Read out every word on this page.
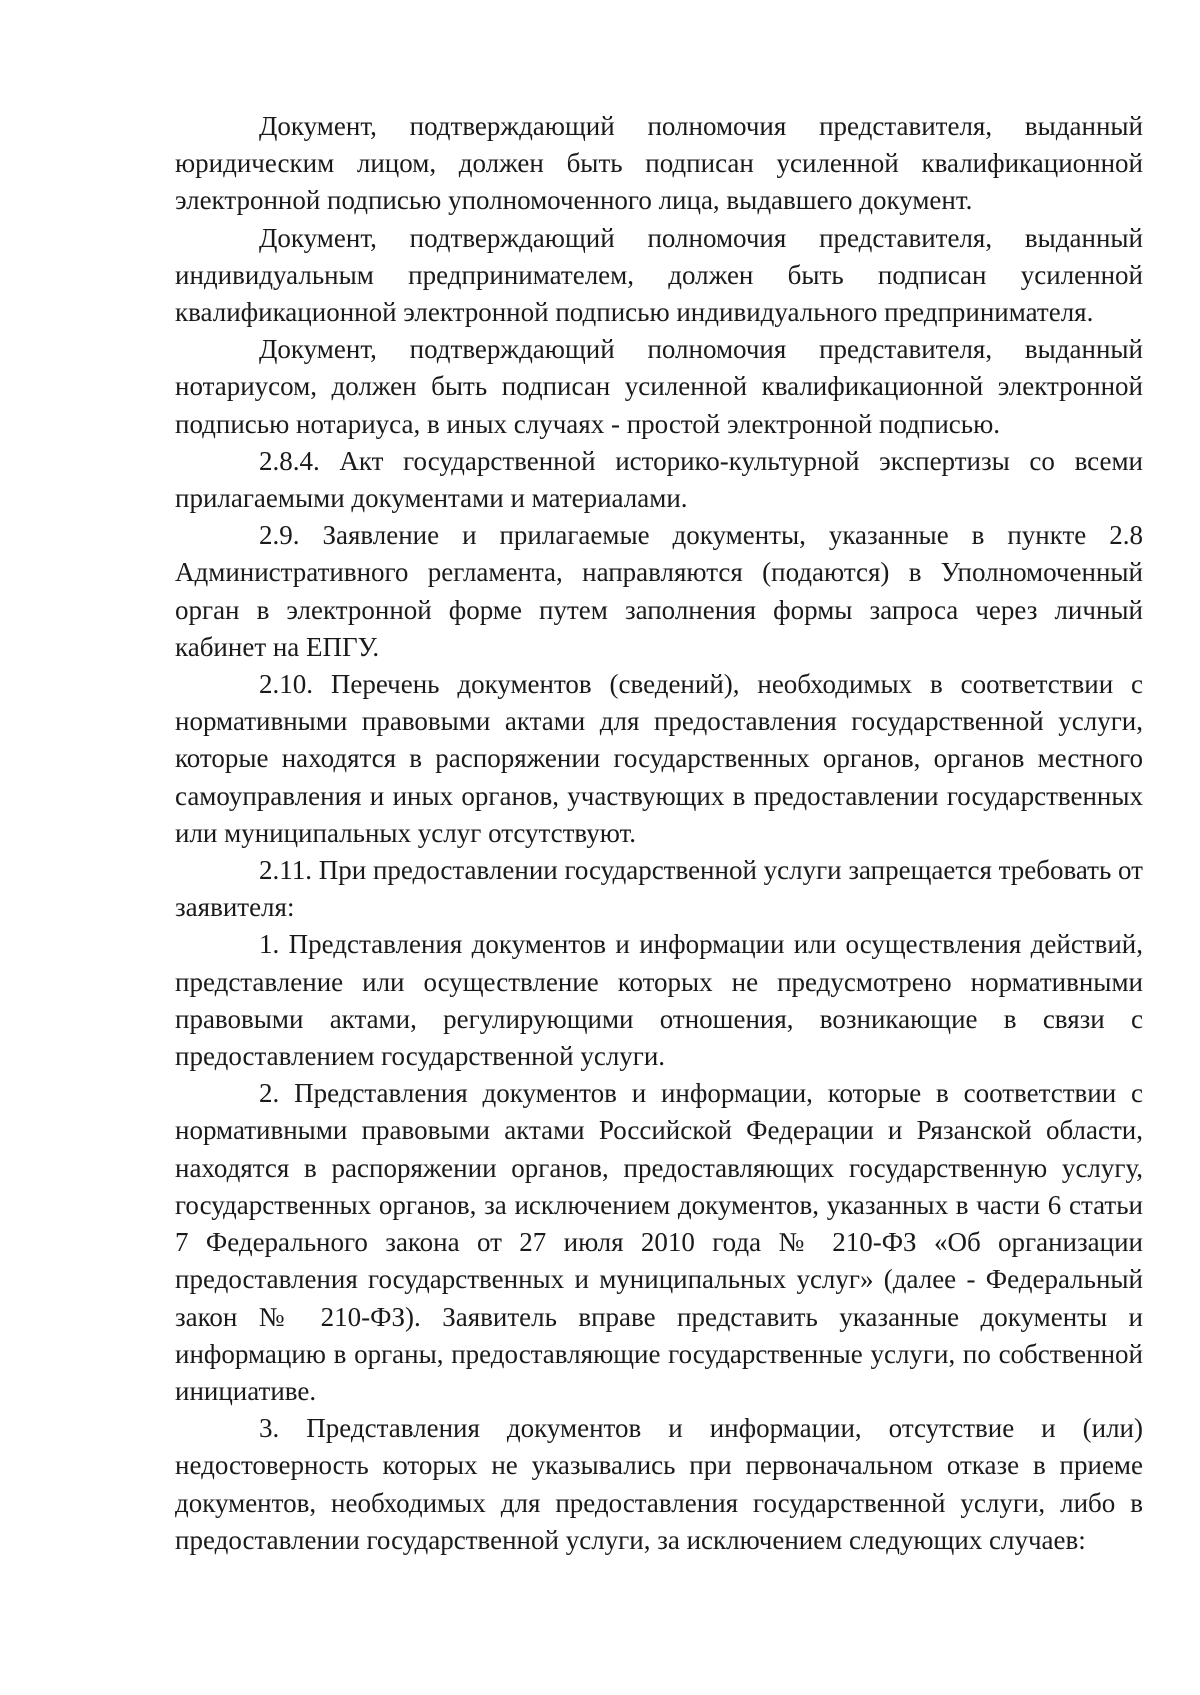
Документ, подтверждающий полномочия представителя, выданный юридическим лицом, должен быть подписан усиленной квалификационной электронной подписью уполномоченного лица, выдавшего документ.

Документ, подтверждающий полномочия представителя, выданный индивидуальным предпринимателем, должен быть подписан усиленной квалификационной электронной подписью индивидуального предпринимателя.

Документ, подтверждающий полномочия представителя, выданный нотариусом, должен быть подписан усиленной квалификационной электронной подписью нотариуса, в иных случаях - простой электронной подписью.

2.8.4. Акт государственной историко-культурной экспертизы со всеми прилагаемыми документами и материалами.

2.9. Заявление и прилагаемые документы, указанные в пункте 2.8 Административного регламента, направляются (подаются) в Уполномоченный орган в электронной форме путем заполнения формы запроса через личный кабинет на ЕПГУ.

2.10. Перечень документов (сведений), необходимых в соответствии с нормативными правовыми актами для предоставления государственной услуги, которые находятся в распоряжении государственных органов, органов местного самоуправления и иных органов, участвующих в предоставлении государственных или муниципальных услуг отсутствуют.

2.11. При предоставлении государственной услуги запрещается требовать от заявителя:

1. Представления документов и информации или осуществления действий, представление или осуществление которых не предусмотрено нормативными правовыми актами, регулирующими отношения, возникающие в связи с предоставлением государственной услуги.

2. Представления документов и информации, которые в соответствии с нормативными правовыми актами Российской Федерации и Рязанской области, находятся в распоряжении органов, предоставляющих государственную услугу, государственных органов, за исключением документов, указанных в части 6 статьи 7 Федерального закона от 27 июля 2010 года № 210-ФЗ «Об организации предоставления государственных и муниципальных услуг» (далее - Федеральный закон № 210-ФЗ). Заявитель вправе представить указанные документы и информацию в органы, предоставляющие государственные услуги, по собственной инициативе.

3. Представления документов и информации, отсутствие и (или) недостоверность которых не указывались при первоначальном отказе в приеме документов, необходимых для предоставления государственной услуги, либо в предоставлении государственной услуги, за исключением следующих случаев:
